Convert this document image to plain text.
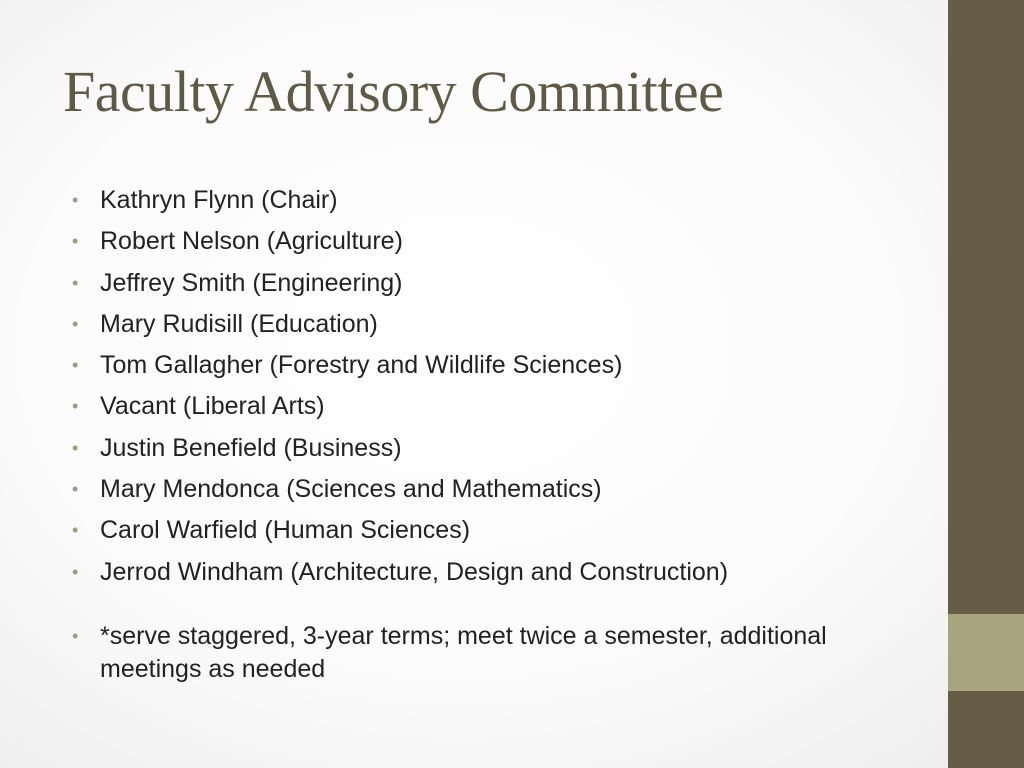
Faculty Advisory Committee
• Kathryn Flynn (Chair)
• Robert Nelson (Agriculture)
• Jeffrey Smith (Engineering)
• Mary Rudisill (Education)
• Tom Gallagher (Forestry and Wildlife Sciences)
• Vacant (Liberal Arts)
• Justin Benefield (Business)
• Mary Mendonca (Sciences and Mathematics)
• Carol Warfield (Human Sciences)
• Jerrod Windham (Architecture, Design and Construction)
• *serve staggered, 3-year terms; meet twice a semester, additional meetings as needed
